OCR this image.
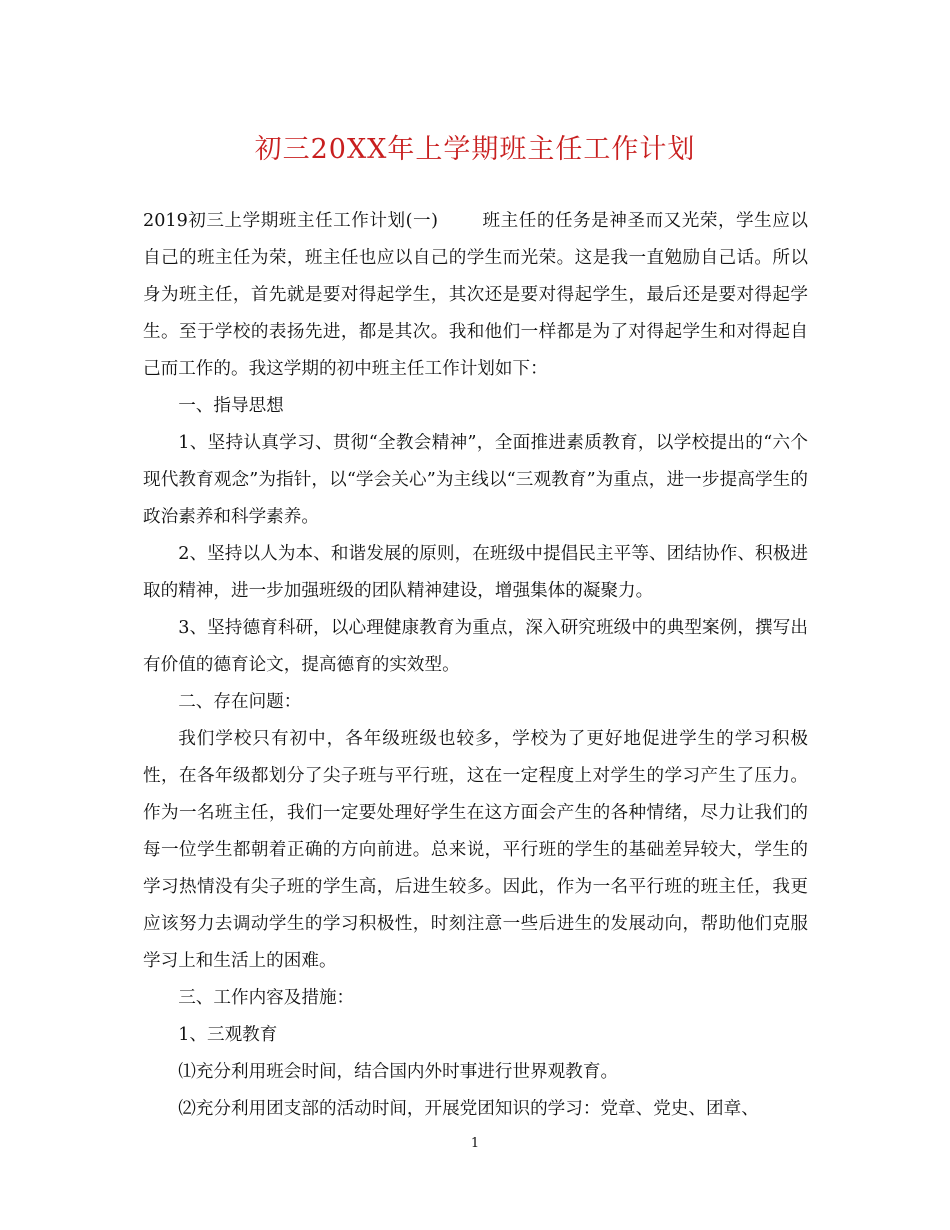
初三20XX年上学期班主任工作计划

2019初三上学期班主任工作计划(一)	班主任的任务是神圣而又光荣，学生应以自己的班主任为荣，班主任也应以自己的学生而光荣。这是我一直勉励自己话。所以身为班主任，首先就是要对得起学生，其次还是要对得起学生，最后还是要对得起学生。至于学校的表扬先进，都是其次。我和他们一样都是为了对得起学生和对得起自己而工作的。我这学期的初中班主任工作计划如下：

一、指导思想

1、坚持认真学习、贯彻“全教会精神”，全面推进素质教育，以学校提出的“六个现代教育观念”为指针，以“学会关心”为主线以“三观教育”为重点，进一步提高学生的政治素养和科学素养。

2、坚持以人为本、和谐发展的原则，在班级中提倡民主平等、团结协作、积极进取的精神，进一步加强班级的团队精神建设，增强集体的凝聚力。

3、坚持德育科研，以心理健康教育为重点，深入研究班级中的典型案例，撰写出有价值的德育论文，提高德育的实效型。

二、存在问题：

我们学校只有初中，各年级班级也较多，学校为了更好地促进学生的学习积极性，在各年级都划分了尖子班与平行班，这在一定程度上对学生的学习产生了压力。作为一名班主任，我们一定要处理好学生在这方面会产生的各种情绪，尽力让我们的每一位学生都朝着正确的方向前进。总来说，平行班的学生的基础差异较大，学生的学习热情没有尖子班的学生高，后进生较多。因此，作为一名平行班的班主任，我更应该努力去调动学生的学习积极性，时刻注意一些后进生的发展动向，帮助他们克服学习上和生活上的困难。

三、工作内容及措施：

1、三观教育

⑴充分利用班会时间，结合国内外时事进行世界观教育。

⑵充分利用团支部的活动时间，开展党团知识的学习：党章、党史、团章、

1
